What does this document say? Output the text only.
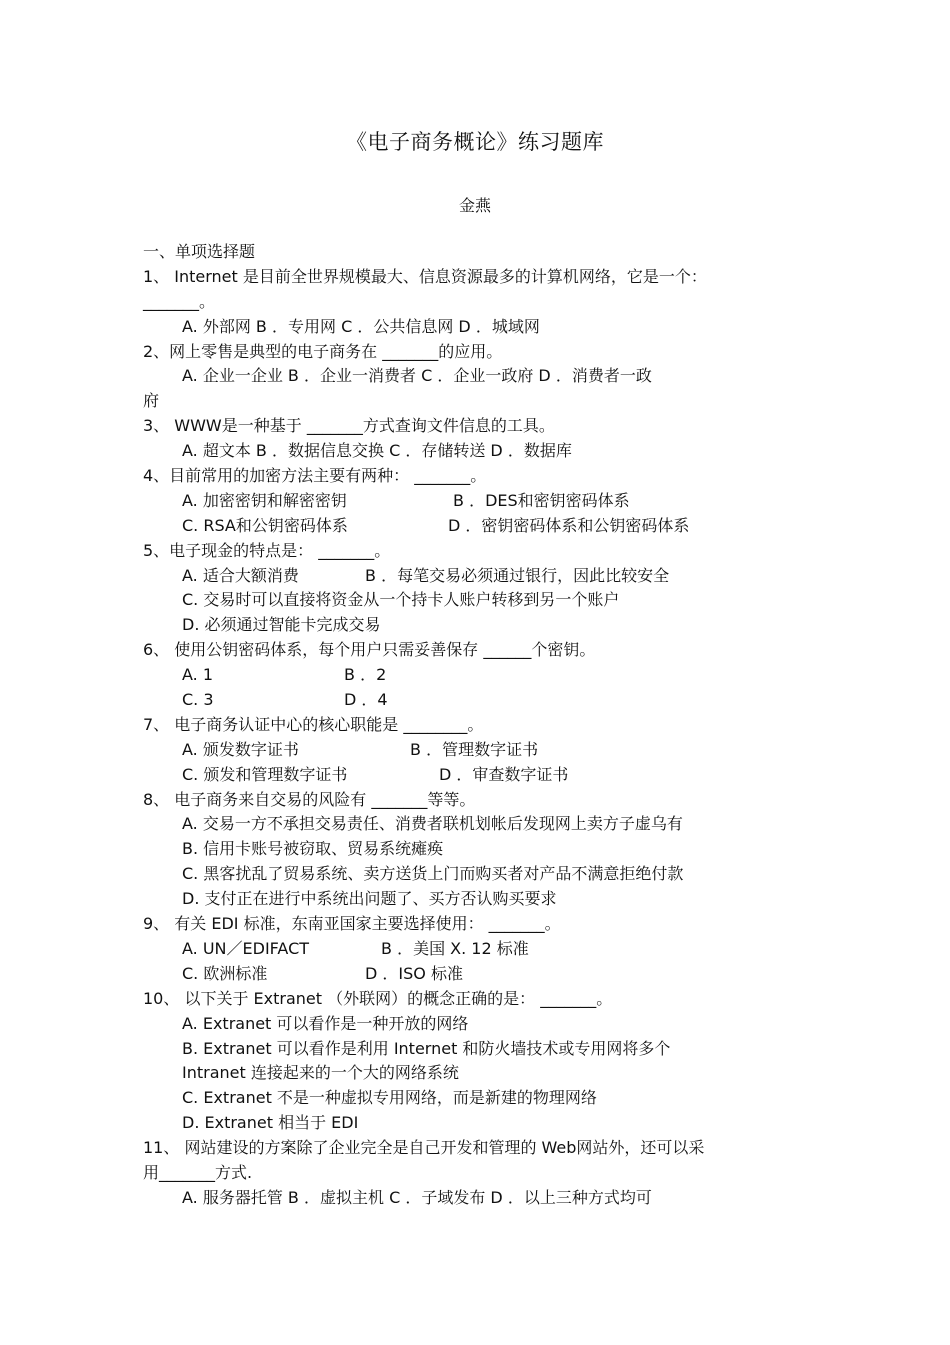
《电子商务概论》练习题库
金燕
一、单项选择题
1、 Internet 是目前全世界规模最大、信息资源最多的计算机网络，它是一个：
_______。
A. 外部网 B ．专用网 C ．公共信息网 D ．城域网
2、网上零售是典型的电子商务在 _______的应用。
A. 企业一企业 B ．企业一消费者 C ．企业一政府 D ．消费者一政
府
3、 WWW是一种基于 _______方式查询文件信息的工具。
A. 超文本 B ．数据信息交换 C ．存储转送 D ．数据库
4、目前常用的加密方法主要有两种： _______。
A. 加密密钥和解密密钥	B ．DES和密钥密码体系
C. RSA和公钥密码体系	D ．密钥密码体系和公钥密码体系
5、电子现金的特点是： _______。
A. 适合大额消费	B ．每笔交易必须通过银行，因此比较安全
C. 交易时可以直接将资金从一个持卡人账户转移到另一个账户
D. 必须通过智能卡完成交易
6、 使用公钥密码体系，每个用户只需妥善保存 ______个密钥。
A. 1	B ．2
C. 3	D ．4
7、 电子商务认证中心的核心职能是 ________。
A. 颁发数字证书	B ．管理数字证书
C. 颁发和管理数字证书	D ．审查数字证书
8、 电子商务来自交易的风险有 _______等等。
A. 交易一方不承担交易责任、消费者联机划帐后发现网上卖方子虚乌有
B. 信用卡账号被窃取、贸易系统瘫痪
C. 黑客扰乱了贸易系统、卖方送货上门而购买者对产品不满意拒绝付款
D. 支付正在进行中系统出问题了、买方否认购买要求
9、 有关 EDI 标准，东南亚国家主要选择使用： _______。
A. UN／EDIFACT	B ．美国 X. 12 标准
C. 欧洲标准	D ．ISO 标准
10、 以下关于 Extranet （外联网）的概念正确的是： _______。
A. Extranet 可以看作是一种开放的网络
B. Extranet 可以看作是利用 Internet 和防火墙技术或专用网将多个
Intranet 连接起来的一个大的网络系统
C. Extranet 不是一种虚拟专用网络，而是新建的物理网络
D. Extranet 相当于 EDI
11、 网站建设的方案除了企业完全是自己开发和管理的 Web网站外，还可以采
用_______方式.
A. 服务器托管 B ．虚拟主机 C ．子域发布 D ．以上三种方式均可
